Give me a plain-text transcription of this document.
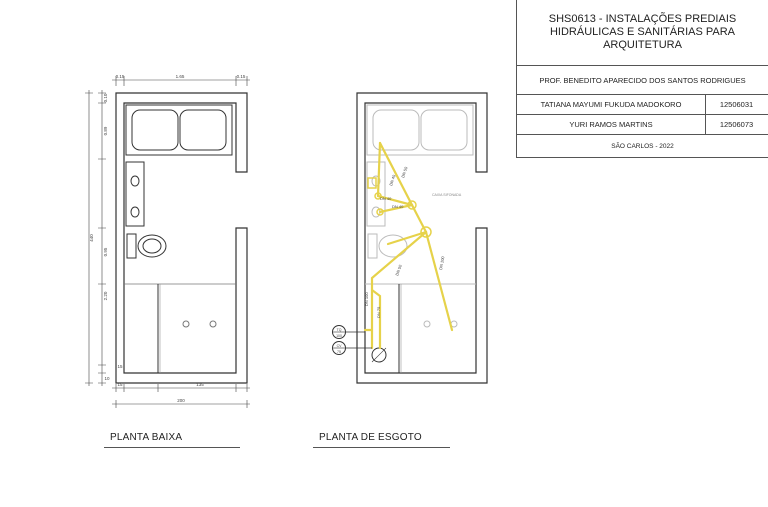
SHS0613 - INSTALAÇÕES PREDIAIS HIDRÁULICAS E SANITÁRIAS PARA ARQUITETURA
PROF. BENEDITO APARECIDO DOS SANTOS RODRIGUES
TATIANA MAYUMI FUKUDA MADOKORO	12506031
YURI RAMOS MARTINS	12506073
SÃO CARLOS - 2022
0.15	1.65	0.15
0.10
0.89
0.95
2.20
15
10
440
15	135
200
DN 50
DN 40
DN 40
DN 40
DN 100
DN 50
DN 100
DN 75
CAIXA SIFONADA
TQ
100
CV
75
PLANTA BAIXA	PLANTA DE ESGOTO
